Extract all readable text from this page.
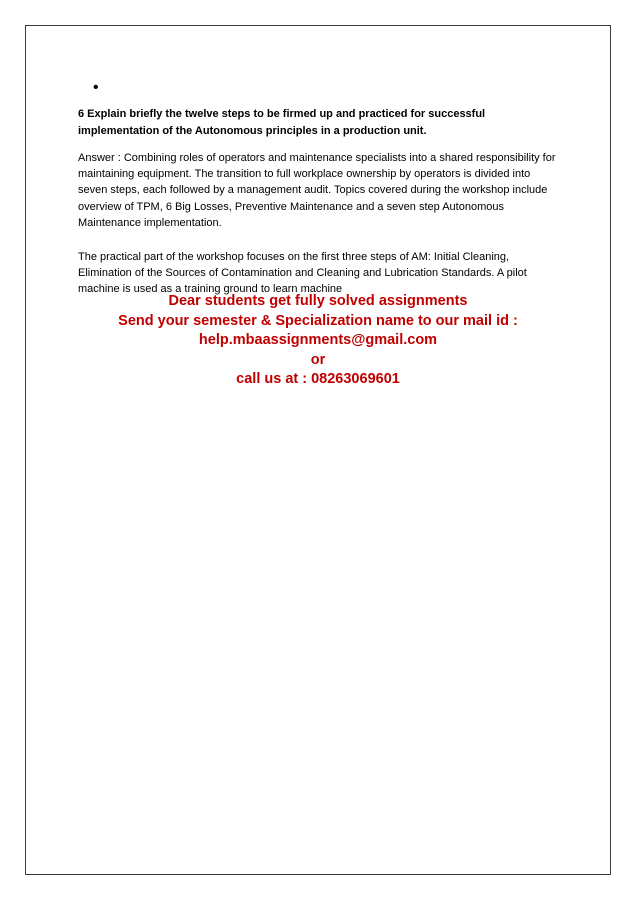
•

6 Explain briefly the twelve steps to be firmed up and practiced for successful implementation of the Autonomous principles in a production unit.

Answer : Combining roles of operators and maintenance specialists into a shared responsibility for maintaining equipment. The transition to full workplace ownership by operators is divided into seven steps, each followed by a management audit. Topics covered during the workshop include overview of TPM, 6 Big Losses, Preventive Maintenance and a seven step Autonomous Maintenance implementation.

The practical part of the workshop focuses on the first three steps of AM: Initial Cleaning, Elimination of the Sources of Contamination and Cleaning and Lubrication Standards. A pilot machine is used as a training ground to learn machine

Dear students get fully solved assignments
Send your semester & Specialization name to our mail id :
help.mbaassignments@gmail.com
or
call us at : 08263069601
